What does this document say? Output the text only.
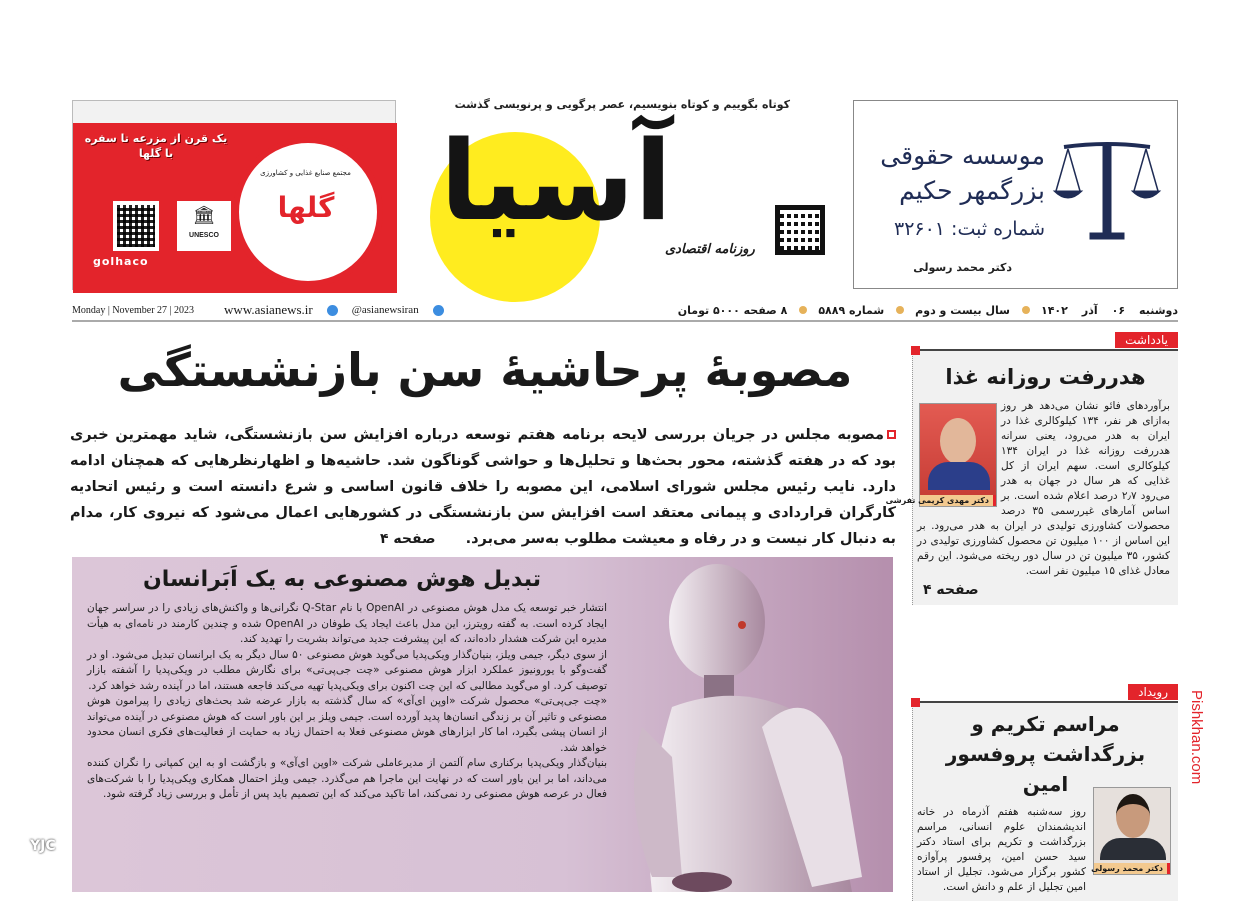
یک قرن از مزرعه تا سفره با گلها
مجتمع صنایع غذایی و کشاورزی
گلها
🏛
UNESCO
golhaco
کوتاه بگوییم و کوتاه بنویسیم، عصر پرگویی و پرنویسی گذشت
آسیا
روزنامه اقتصادی
موسسه حقوقی
بزرگمهر حکیم
شماره ثبت: ۳۲۶۰۱
دکتر محمد رسولی
دوشنبه    ۰۶    آذر    ۱۴۰۲  سال بیست و دوم  شماره ۵۸۸۹  ۸ صفحه ۵۰۰۰ تومان
Monday | November 27 | 2023 www.asianews.ir	@asianewsiran
مصوبهٔ پرحاشیهٔ سن بازنشستگی
مصوبه مجلس در جریان بررسی لایحه برنامه هفتم توسعه درباره افزایش سن بازنشستگی، شاید مهمترین خبری بود که در هفته گذشته، محور بحث‌ها و تحلیل‌ها و حواشی گوناگون شد. حاشیه‌ها و اظهارنظرهایی که همچنان ادامه دارد. نایب رئیس مجلس شورای اسلامی، این مصوبه را خلاف قانون اساسی و شرع دانسته است و رئیس اتحادیه کارگران قراردادی و پیمانی معتقد است افزایش سن بازنشستگی در کشورهایی اعمال می‌شود که نیروی کار، مدام به دنبال کار نیست و در رفاه و معیشت مطلوب به‌سر می‌برد.صفحه ۴
تبدیل هوش مصنوعی به یک اَبَرانسان

انتشار خبر توسعه یک مدل هوش مصنوعی در OpenAI با نام Q-Star نگرانی‌ها و واکنش‌های زیادی را در سراسر جهان ایجاد کرده است. به گفته رویترز، این مدل باعث ایجاد یک طوفان در OpenAI شده و چندین کارمند در نامه‌ای به هیأت مدیره این شرکت هشدار داده‌اند، که این پیشرفت جدید می‌تواند بشریت را تهدید کند.

از سوی دیگر، جیمی ویلز، بنیان‌گذار ویکی‌پدیا می‌گوید هوش مصنوعی ۵۰ سال دیگر به یک ابرانسان تبدیل می‌شود. او در گفت‌وگو با یورونیوز عملکرد ابزار هوش مصنوعی «چت جی‌پی‌تی» برای نگارش مطلب در ویکی‌پدیا را آشفته بازار توصیف کرد. او می‌گوید مطالبی که این چت اکنون برای ویکی‌پدیا تهیه می‌کند فاجعه هستند، اما در آینده رشد خواهد کرد.

«چت جی‌پی‌تی» محصول شرکت «اوپن ای‌آی» که سال گذشته به بازار عرضه شد بحث‌های زیادی را پیرامون هوش مصنوعی و تاثیر آن بر زندگی انسان‌ها پدید آورده است. جیمی ویلز بر این باور است که هوش مصنوعی در آینده می‌تواند از انسان پیشی بگیرد، اما کار ابزارهای هوش مصنوعی فعلا به احتمال زیاد به حمایت از فعالیت‌های فکری انسان محدود خواهد شد.

بنیان‌گذار ویکی‌پدیا برکناری سام آلتمن از مدیرعاملی شرکت «اوپن ای‌آی» و بازگشت او به این کمپانی را نگران کننده می‌داند، اما بر این باور است که در نهایت این ماجرا هم می‌گذرد. جیمی ویلز احتمال همکاری ویکی‌پدیا را با شرکت‌های فعال در عرصه هوش مصنوعی رد نمی‌کند، اما تاکید می‌کند که این تصمیم باید پس از تأمل و بررسی زیاد گرفته شود.

YJC
یادداشت
هدررفت روزانه غذا
دکتر مهدی کریمی تفرشی
برآوردهای فائو نشان می‌دهد هر روز به‌ازای هر نفر، ۱۳۴ کیلوکالری غذا در ایران به هدر می‌رود، یعنی سرانه هدررفت روزانه غذا در ایران ۱۳۴ کیلوکالری است. سهم ایران از کل غذایی که هر سال در جهان به هدر می‌رود ۲٫۷ درصد اعلام شده است. بر اساس آمارهای غیررسمی ۳۵ درصد محصولات کشاورزی تولیدی در ایران به هدر می‌رود. بر این اساس از ۱۰۰ میلیون تن محصول کشاورزی تولیدی در کشور، ۳۵ میلیون تن در سال دور ریخته می‌شود. این رقم معادل غذای ۱۵ میلیون نفر است.
صفحه ۴
رویداد
مراسم تکریم و بزرگداشت پروفسور امین
دکتر محمد رسولی
روز سه‌شنبه هفتم آذرماه در خانه اندیشمندان علوم انسانی، مراسم بزرگداشت و تکریم برای استاد دکتر سید حسن امین، پرفسور پرآوازه کشور برگزار می‌شود. تجلیل از استاد امین تجلیل از علم و دانش است.
Pishkhan.com
